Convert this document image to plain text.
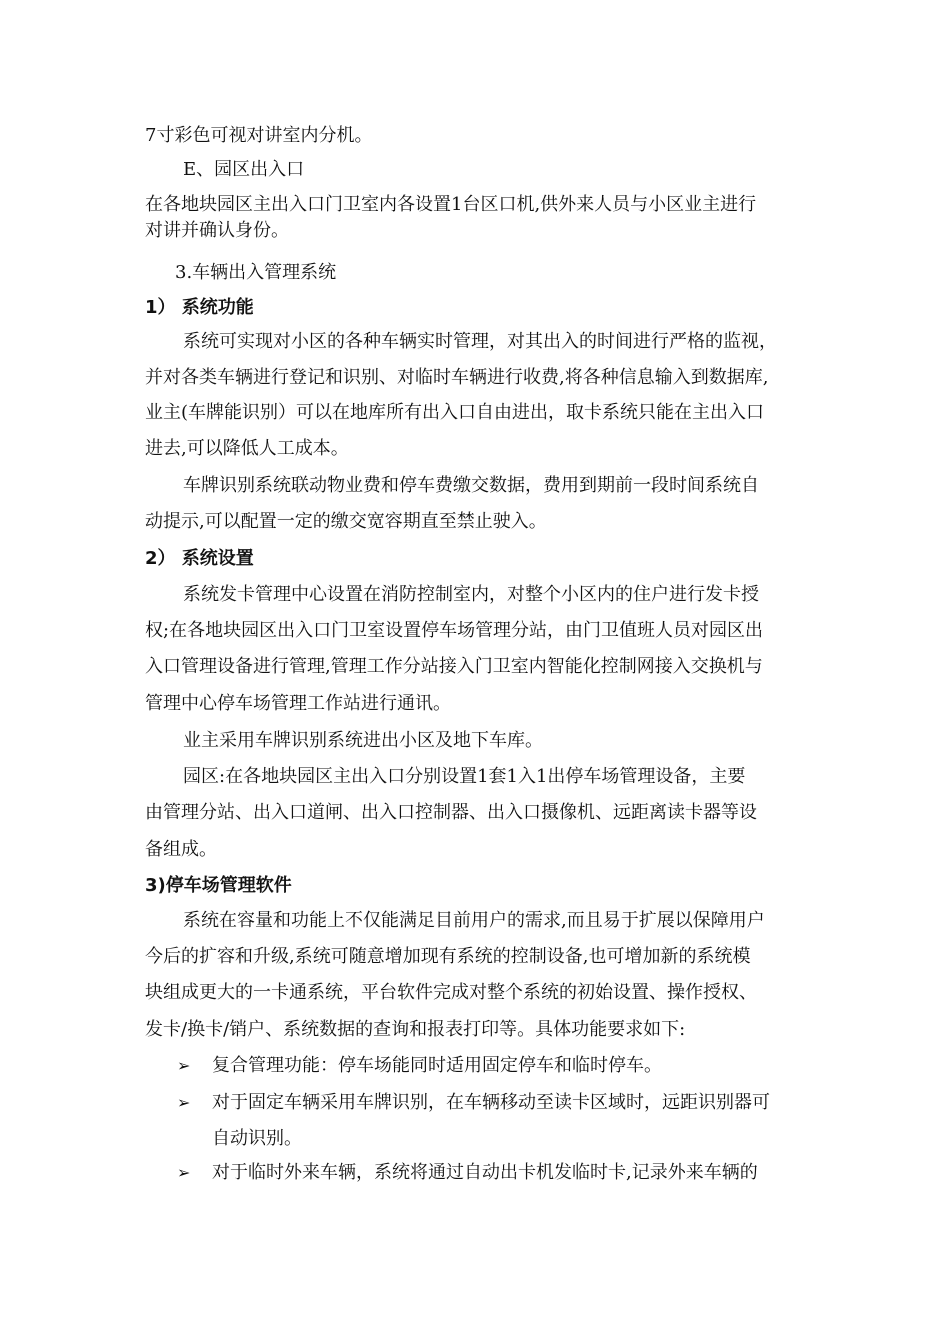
7寸彩色可视对讲室内分机。
E、园区出入口
在各地块园区主出入口门卫室内各设置1台区口机,供外来人员与小区业主进行
对讲并确认身份。
3.车辆出入管理系统
1） 系统功能
系统可实现对小区的各种车辆实时管理，对其出入的时间进行严格的监视，
并对各类车辆进行登记和识别、对临时车辆进行收费,将各种信息输入到数据库,
业主(车牌能识别）可以在地库所有出入口自由进出，取卡系统只能在主出入口
进去,可以降低人工成本。
车牌识别系统联动物业费和停车费缴交数据，费用到期前一段时间系统自
动提示,可以配置一定的缴交宽容期直至禁止驶入。
2） 系统设置
系统发卡管理中心设置在消防控制室内，对整个小区内的住户进行发卡授
权;在各地块园区出入口门卫室设置停车场管理分站，由门卫值班人员对园区出
入口管理设备进行管理,管理工作分站接入门卫室内智能化控制网接入交换机与
管理中心停车场管理工作站进行通讯。
业主采用车牌识别系统进出小区及地下车库。
园区:在各地块园区主出入口分别设置1套1入1出停车场管理设备，主要
由管理分站、出入口道闸、出入口控制器、出入口摄像机、远距离读卡器等设
备组成。
3)停车场管理软件
系统在容量和功能上不仅能满足目前用户的需求,而且易于扩展以保障用户
今后的扩容和升级,系统可随意增加现有系统的控制设备,也可增加新的系统模
块组成更大的一卡通系统，平台软件完成对整个系统的初始设置、操作授权、
发卡/换卡/销户、系统数据的查询和报表打印等。具体功能要求如下:
➢ 复合管理功能：停车场能同时适用固定停车和临时停车。
➢ 对于固定车辆采用车牌识别，在车辆移动至读卡区域时，远距识别器可
自动识别。
➢ 对于临时外来车辆，系统将通过自动出卡机发临时卡,记录外来车辆的
